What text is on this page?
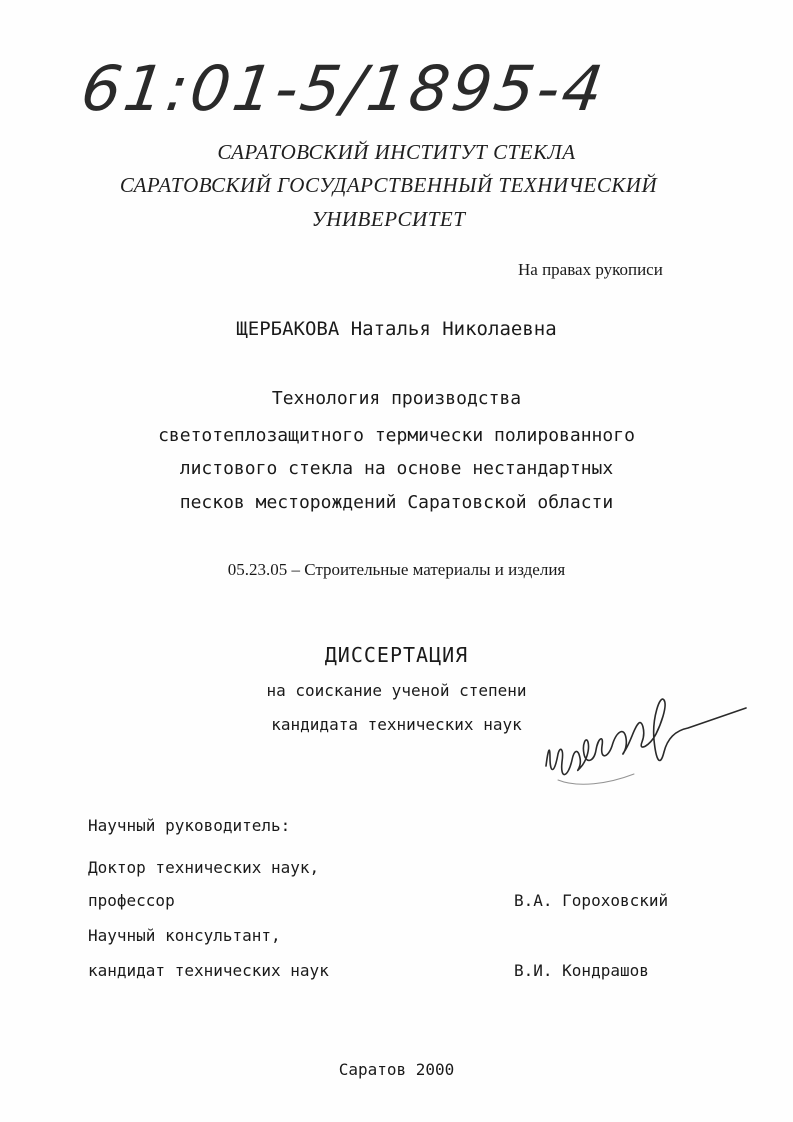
61:01-5/1895-4
САРАТОВСКИЙ ИНСТИТУТ СТЕКЛА
САРАТОВСКИЙ ГОСУДАРСТВЕННЫЙ ТЕХНИЧЕСКИЙ
УНИВЕРСИТЕТ
На правах рукописи
ЩЕРБАКОВА Наталья Николаевна
Технология производства
светотеплозащитного термически полированного
листового стекла на основе нестандартных
песков месторождений Саратовской области
05.23.05 – Строительные материалы и изделия
ДИССЕРТАЦИЯ
на соискание ученой степени
кандидата технических наук
Научный руководитель:
Доктор технических наук,
профессор	В.А. Гороховский
Научный консультант,
кандидат технических наук	В.И. Кондрашов
Саратов 2000
